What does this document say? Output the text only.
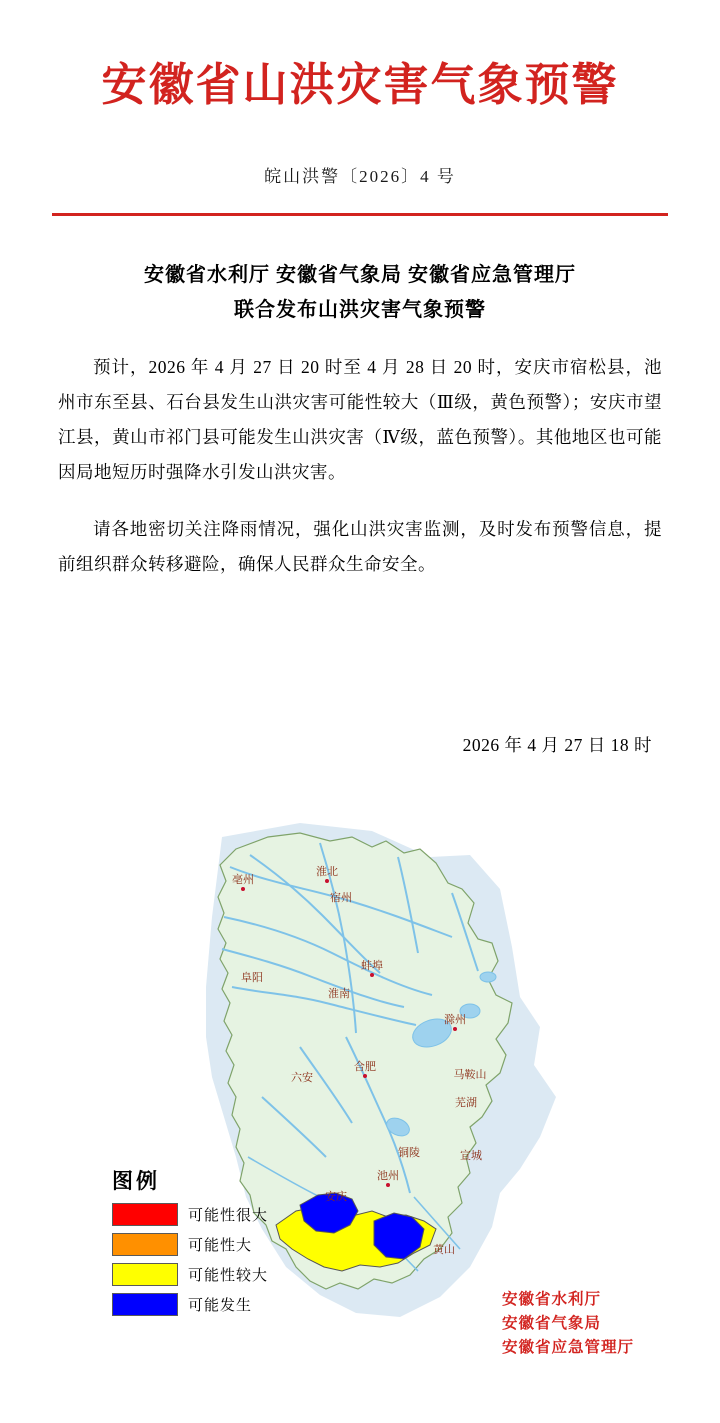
安徽省山洪灾害气象预警
皖山洪警〔2026〕4 号
安徽省水利厅 安徽省气象局 安徽省应急管理厅
联合发布山洪灾害气象预警

预计，2026 年 4 月 27 日 20 时至 4 月 28 日 20 时，安庆市宿松县，池州市东至县、石台县发生山洪灾害可能性较大（Ⅲ级，黄色预警）；安庆市望江县，黄山市祁门县可能发生山洪灾害（Ⅳ级，蓝色预警）。其他地区也可能因局地短历时强降水引发山洪灾害。

请各地密切关注降雨情况，强化山洪灾害监测，及时发布预警信息，提前组织群众转移避险，确保人民群众生命安全。

2026 年 4 月 27 日 18 时
亳州
淮北
宿州
阜阳
蚌埠
淮南
滁州
六安
合肥
马鞍山
芜湖
铜陵	宣城
池州
安庆
黄山
图例
可能性很大
可能性大
可能性较大
可能发生	安徽省水利厅
安徽省气象局
安徽省应急管理厅
